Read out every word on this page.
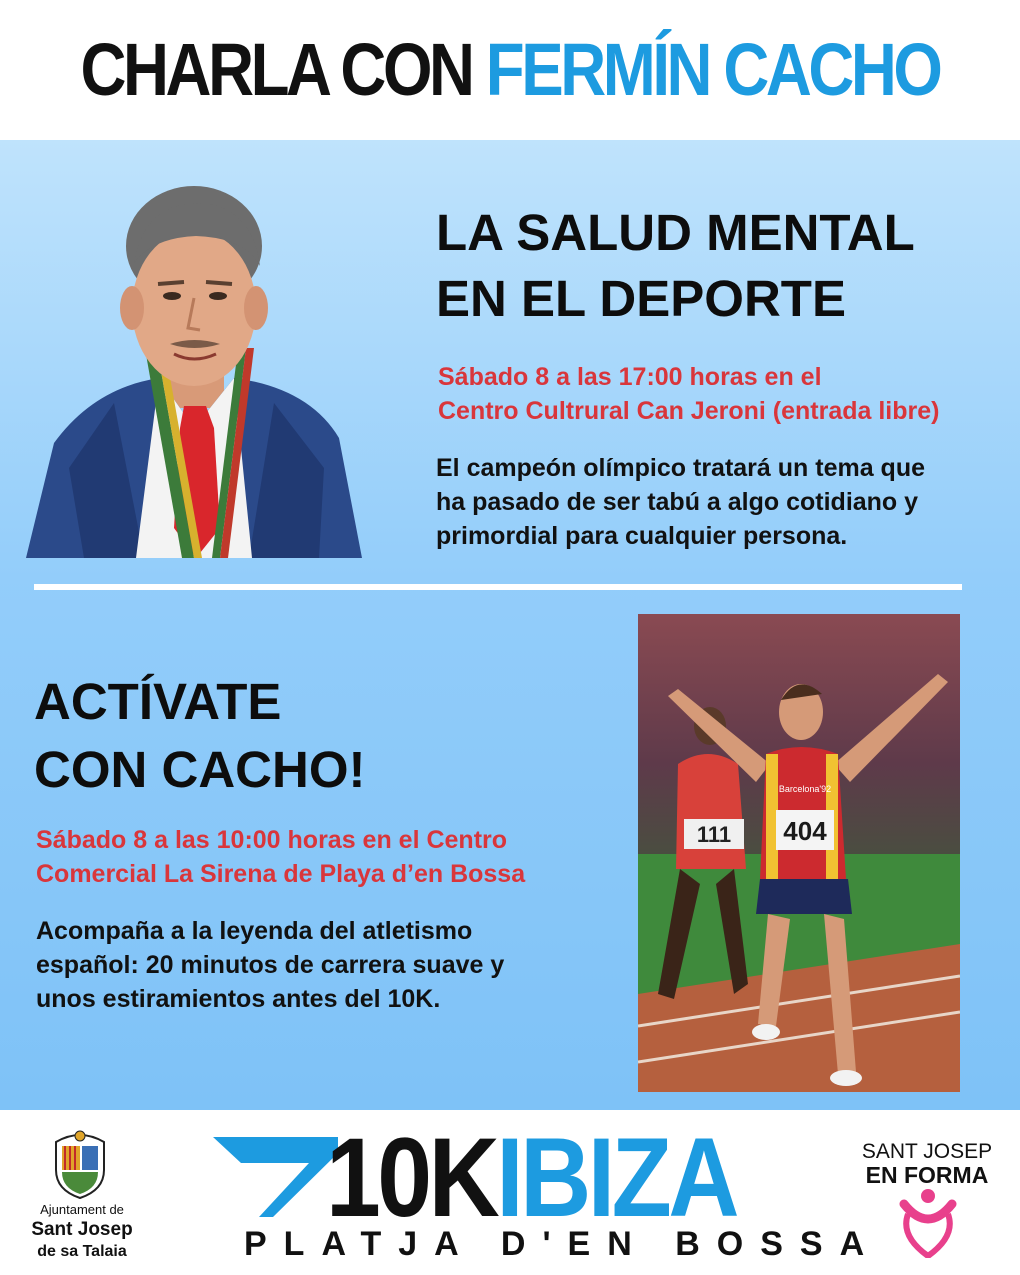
CHARLA CON FERMÍN CACHO
LA SALUD MENTAL
EN EL DEPORTE
Sábado 8 a las 17:00 horas en el
Centro Cultrural Can Jeroni (entrada libre)
El campeón olímpico tratará un tema que
ha pasado de ser tabú a algo cotidiano y
primordial para cualquier persona.
ACTÍVATE
CON CACHO!
Sábado 8 a las 10:00 horas en el Centro
Comercial La Sirena de Playa d’en Bossa
Acompaña a la leyenda del atletismo
español: 20 minutos de carrera suave y
unos estiramientos antes del 10K.
111 404
Barcelona'92
Ajuntament de
Sant Josep
de sa Talaia
10KIBIZA
PLATJA D'EN BOSSA
SANT JOSEP
EN FORMA
